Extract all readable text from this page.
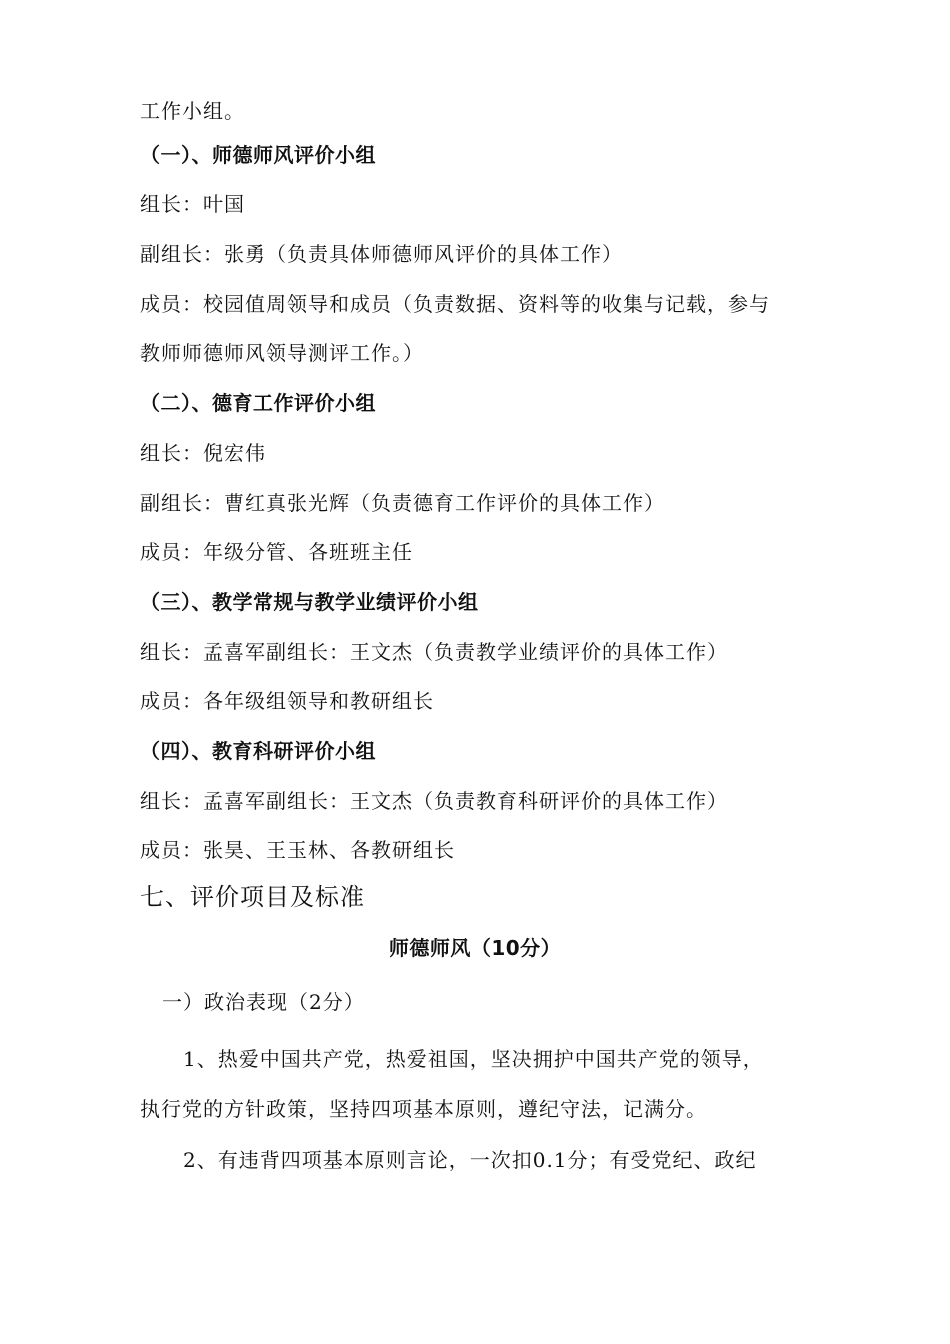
工作小组。
（一）、师德师风评价小组
组长：叶国
副组长：张勇（负责具体师德师风评价的具体工作）
成员：校园值周领导和成员（负责数据、资料等的收集与记载，参与
教师师德师风领导测评工作。）
（二）、德育工作评价小组
组长：倪宏伟
副组长：曹红真张光辉（负责德育工作评价的具体工作）
成员：年级分管、各班班主任
（三）、教学常规与教学业绩评价小组
组长：孟喜军副组长：王文杰（负责教学业绩评价的具体工作）
成员：各年级组领导和教研组长
（四）、教育科研评价小组
组长：孟喜军副组长：王文杰（负责教育科研评价的具体工作）
成员：张昊、王玉林、各教研组长
七、评价项目及标准
师德师风（10分）
一）政治表现（2分）
1、热爱中国共产党，热爱祖国，坚决拥护中国共产党的领导，
执行党的方针政策，坚持四项基本原则，遵纪守法，记满分。
2、有违背四项基本原则言论，一次扣0.1分；有受党纪、政纪
